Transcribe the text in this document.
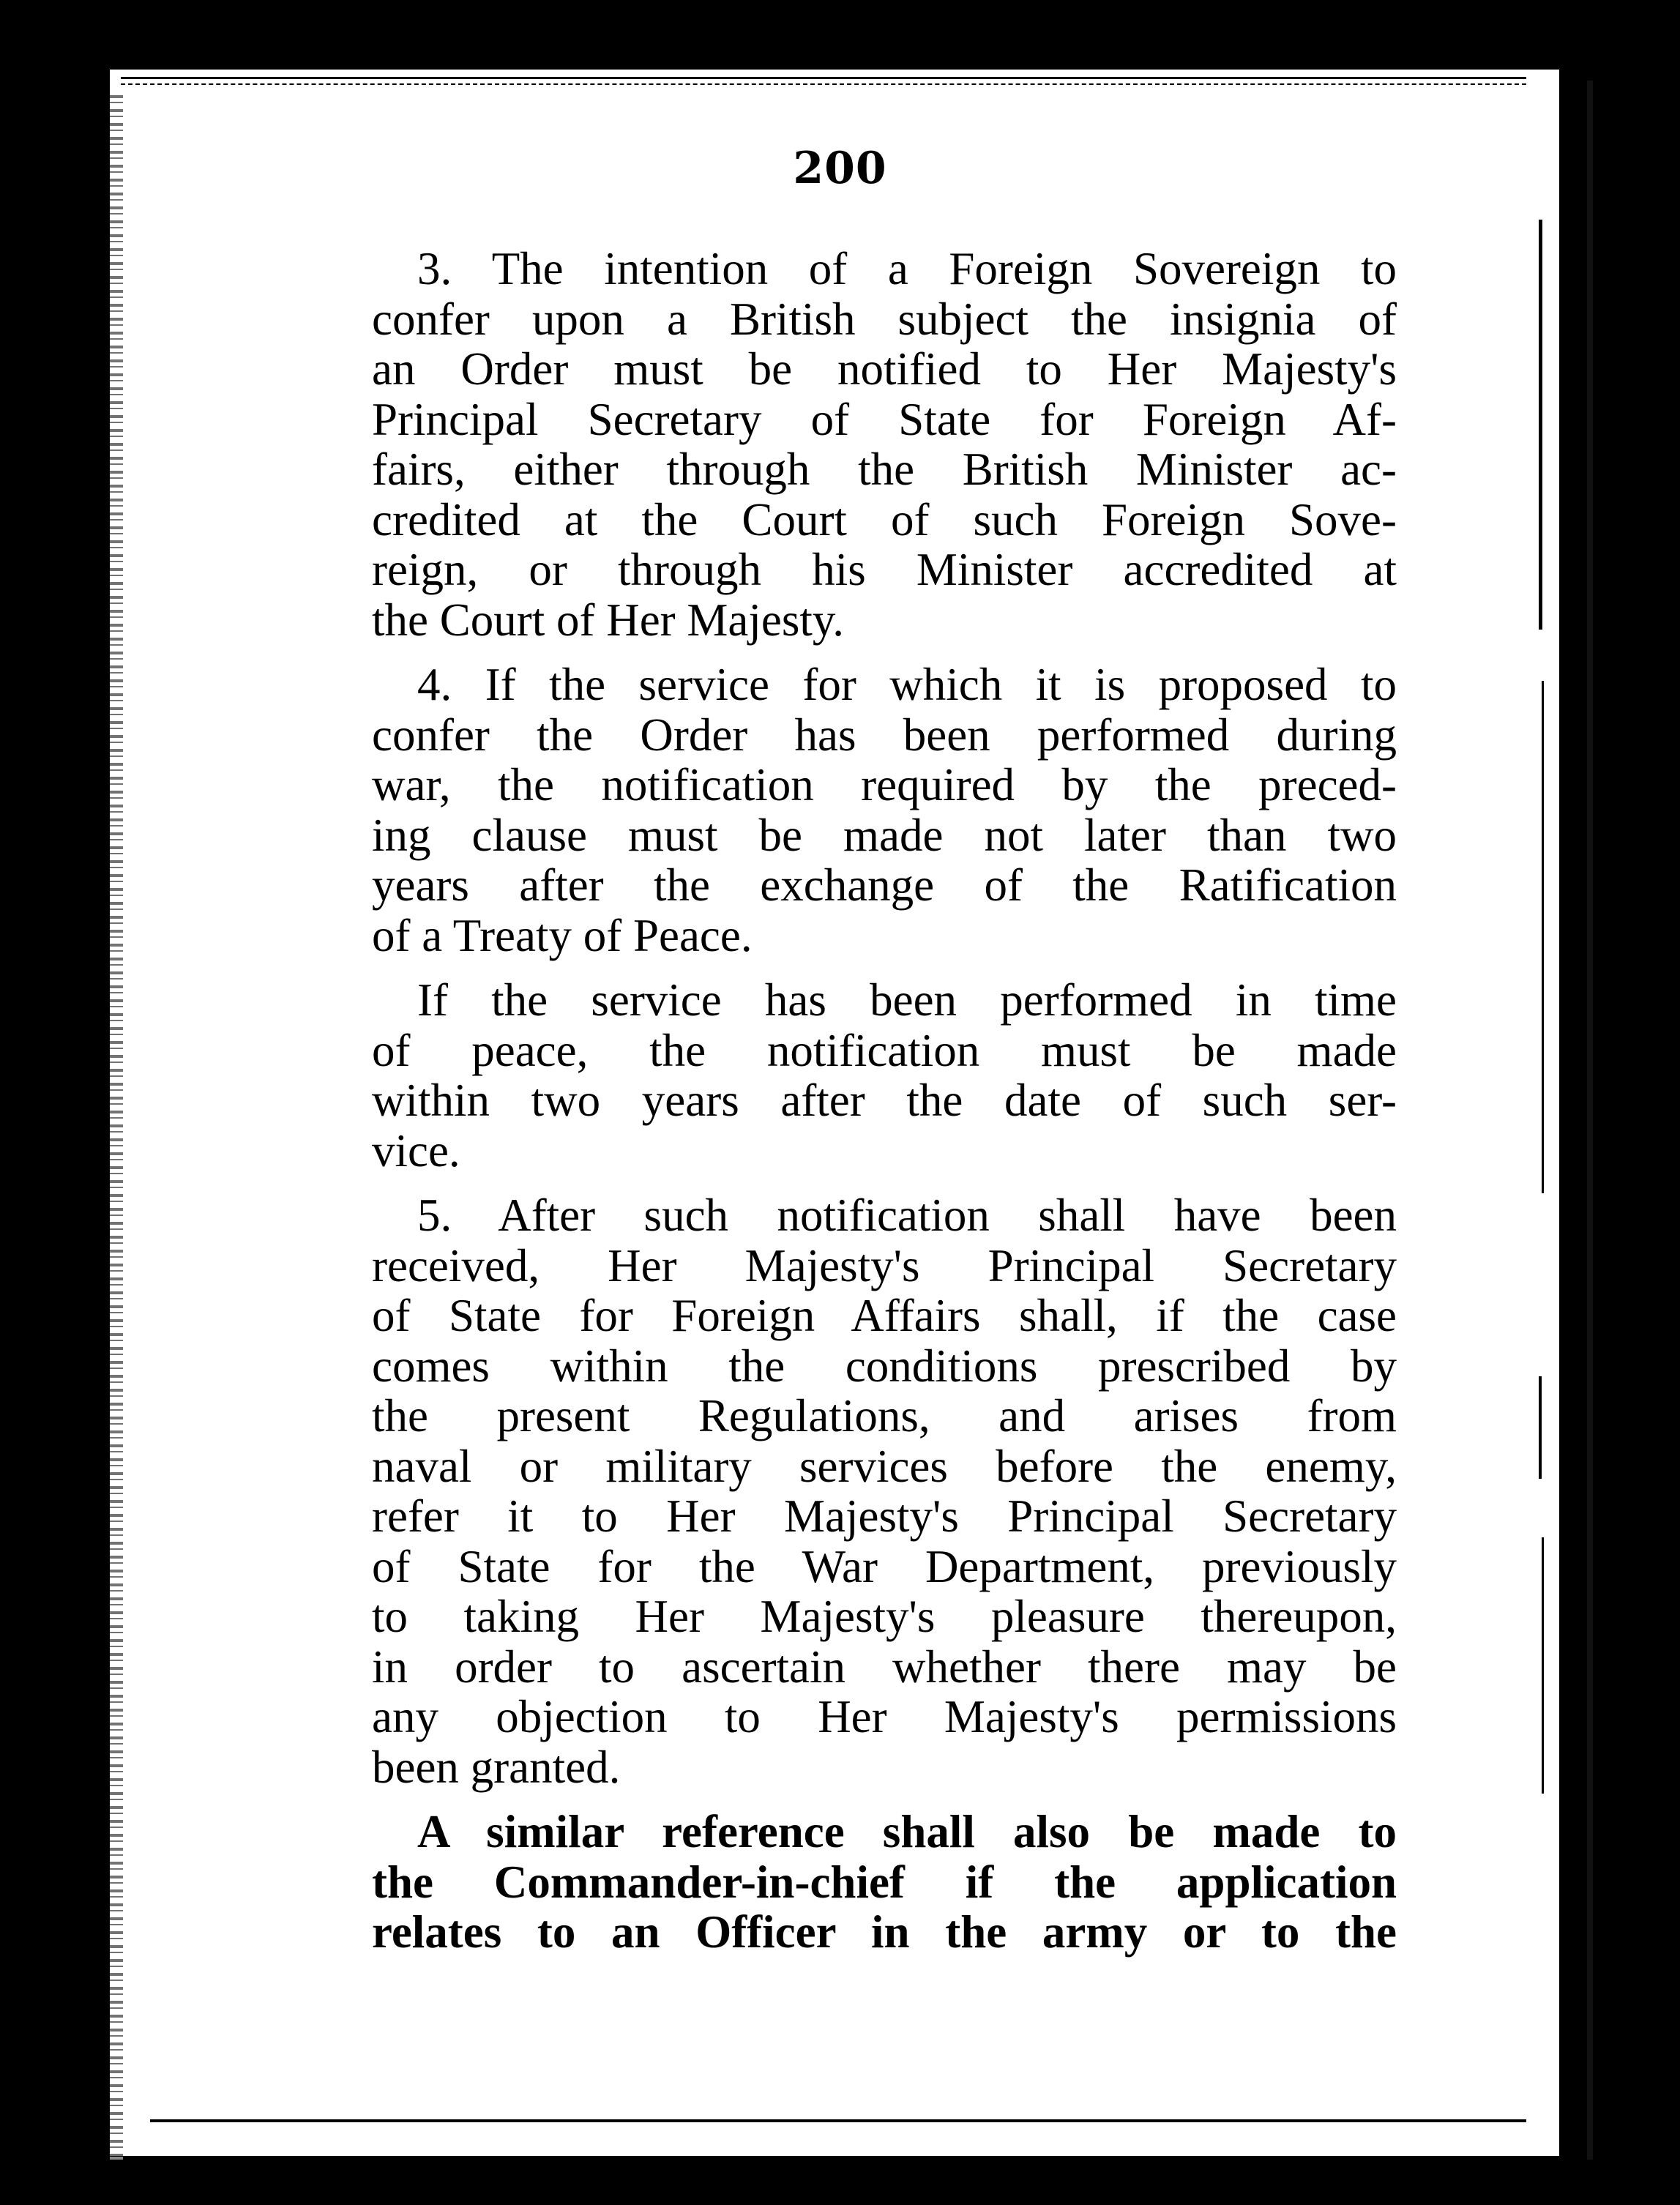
200
3. The intention of a Foreign Sovereign to
confer upon a British subject the insignia of
an Order must be notified to Her Majesty's
Principal Secretary of State for Foreign Af-
fairs, either through the British Minister ac-
credited at the Court of such Foreign Sove-
reign, or through his Minister accredited at
the Court of Her Majesty.
4. If the service for which it is proposed to
confer the Order has been performed during
war, the notification required by the preced-
ing clause must be made not later than two
years after the exchange of the Ratification
of a Treaty of Peace.
If the service has been performed in time
of peace, the notification must be made
within two years after the date of such ser-
vice.
5. After such notification shall have been
received, Her Majesty's Principal Secretary
of State for Foreign Affairs shall, if the case
comes within the conditions prescribed by
the present Regulations, and arises from
naval or military services before the enemy,
refer it to Her Majesty's Principal Secretary
of State for the War Department, previously
to taking Her Majesty's pleasure thereupon,
in order to ascertain whether there may be
any objection to Her Majesty's permissions
been granted.
A similar reference shall also be made to
the Commander-in-chief if the application
relates to an Officer in the army or to the
